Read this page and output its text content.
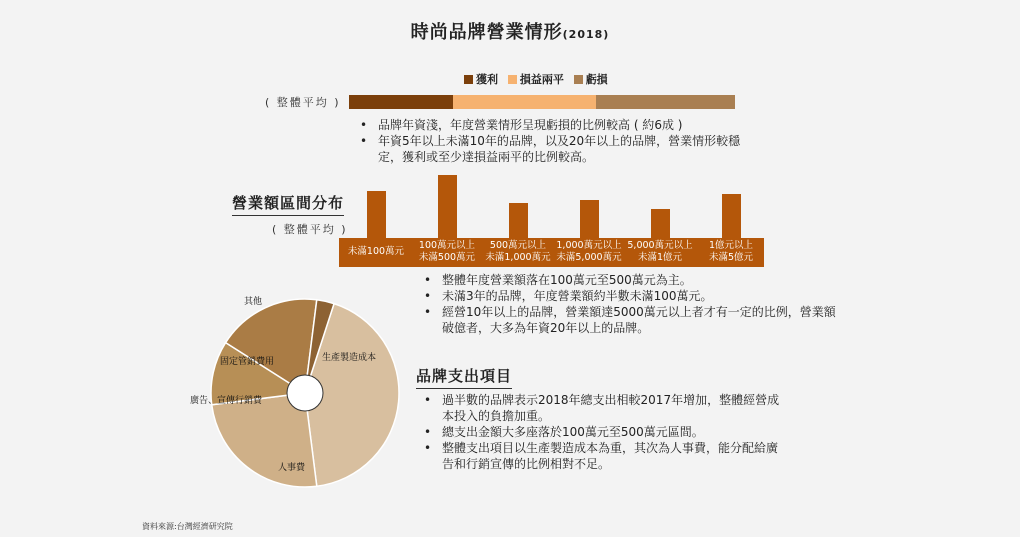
時尚品牌營業情形(2018)
獲利 損益兩平 虧損
( 整體平均 )
• 品牌年資淺，年度營業情形呈現虧損的比例較高 ( 約6成 )
• 年資5年以上未滿10年的品牌，以及20年以上的品牌，營業情形較穩定，獲利或至少達損益兩平的比例較高。
營業額區間分布
( 整體平均 )
未滿100萬元
100萬元以上
未滿500萬元
500萬元以上
未滿1,000萬元
1,000萬元以上
未滿5,000萬元
5,000萬元以上
未滿1億元
1億元以上
未滿5億元
• 整體年度營業額落在100萬元至500萬元為主。
• 未滿3年的品牌，年度營業額約半數未滿100萬元。
• 經營10年以上的品牌，營業額達5000萬元以上者才有一定的比例，營業額破億者，大多為年資20年以上的品牌。
生產製造成本
人事費
廣告、宣傳行銷費
固定管銷費用
其他
品牌支出項目
• 過半數的品牌表示2018年總支出相較2017年增加，整體經營成本投入的負擔加重。
• 總支出金額大多座落於100萬元至500萬元區間。
• 整體支出項目以生產製造成本為重，其次為人事費，能分配給廣告和行銷宣傳的比例相對不足。
資料來源:台灣經濟研究院
